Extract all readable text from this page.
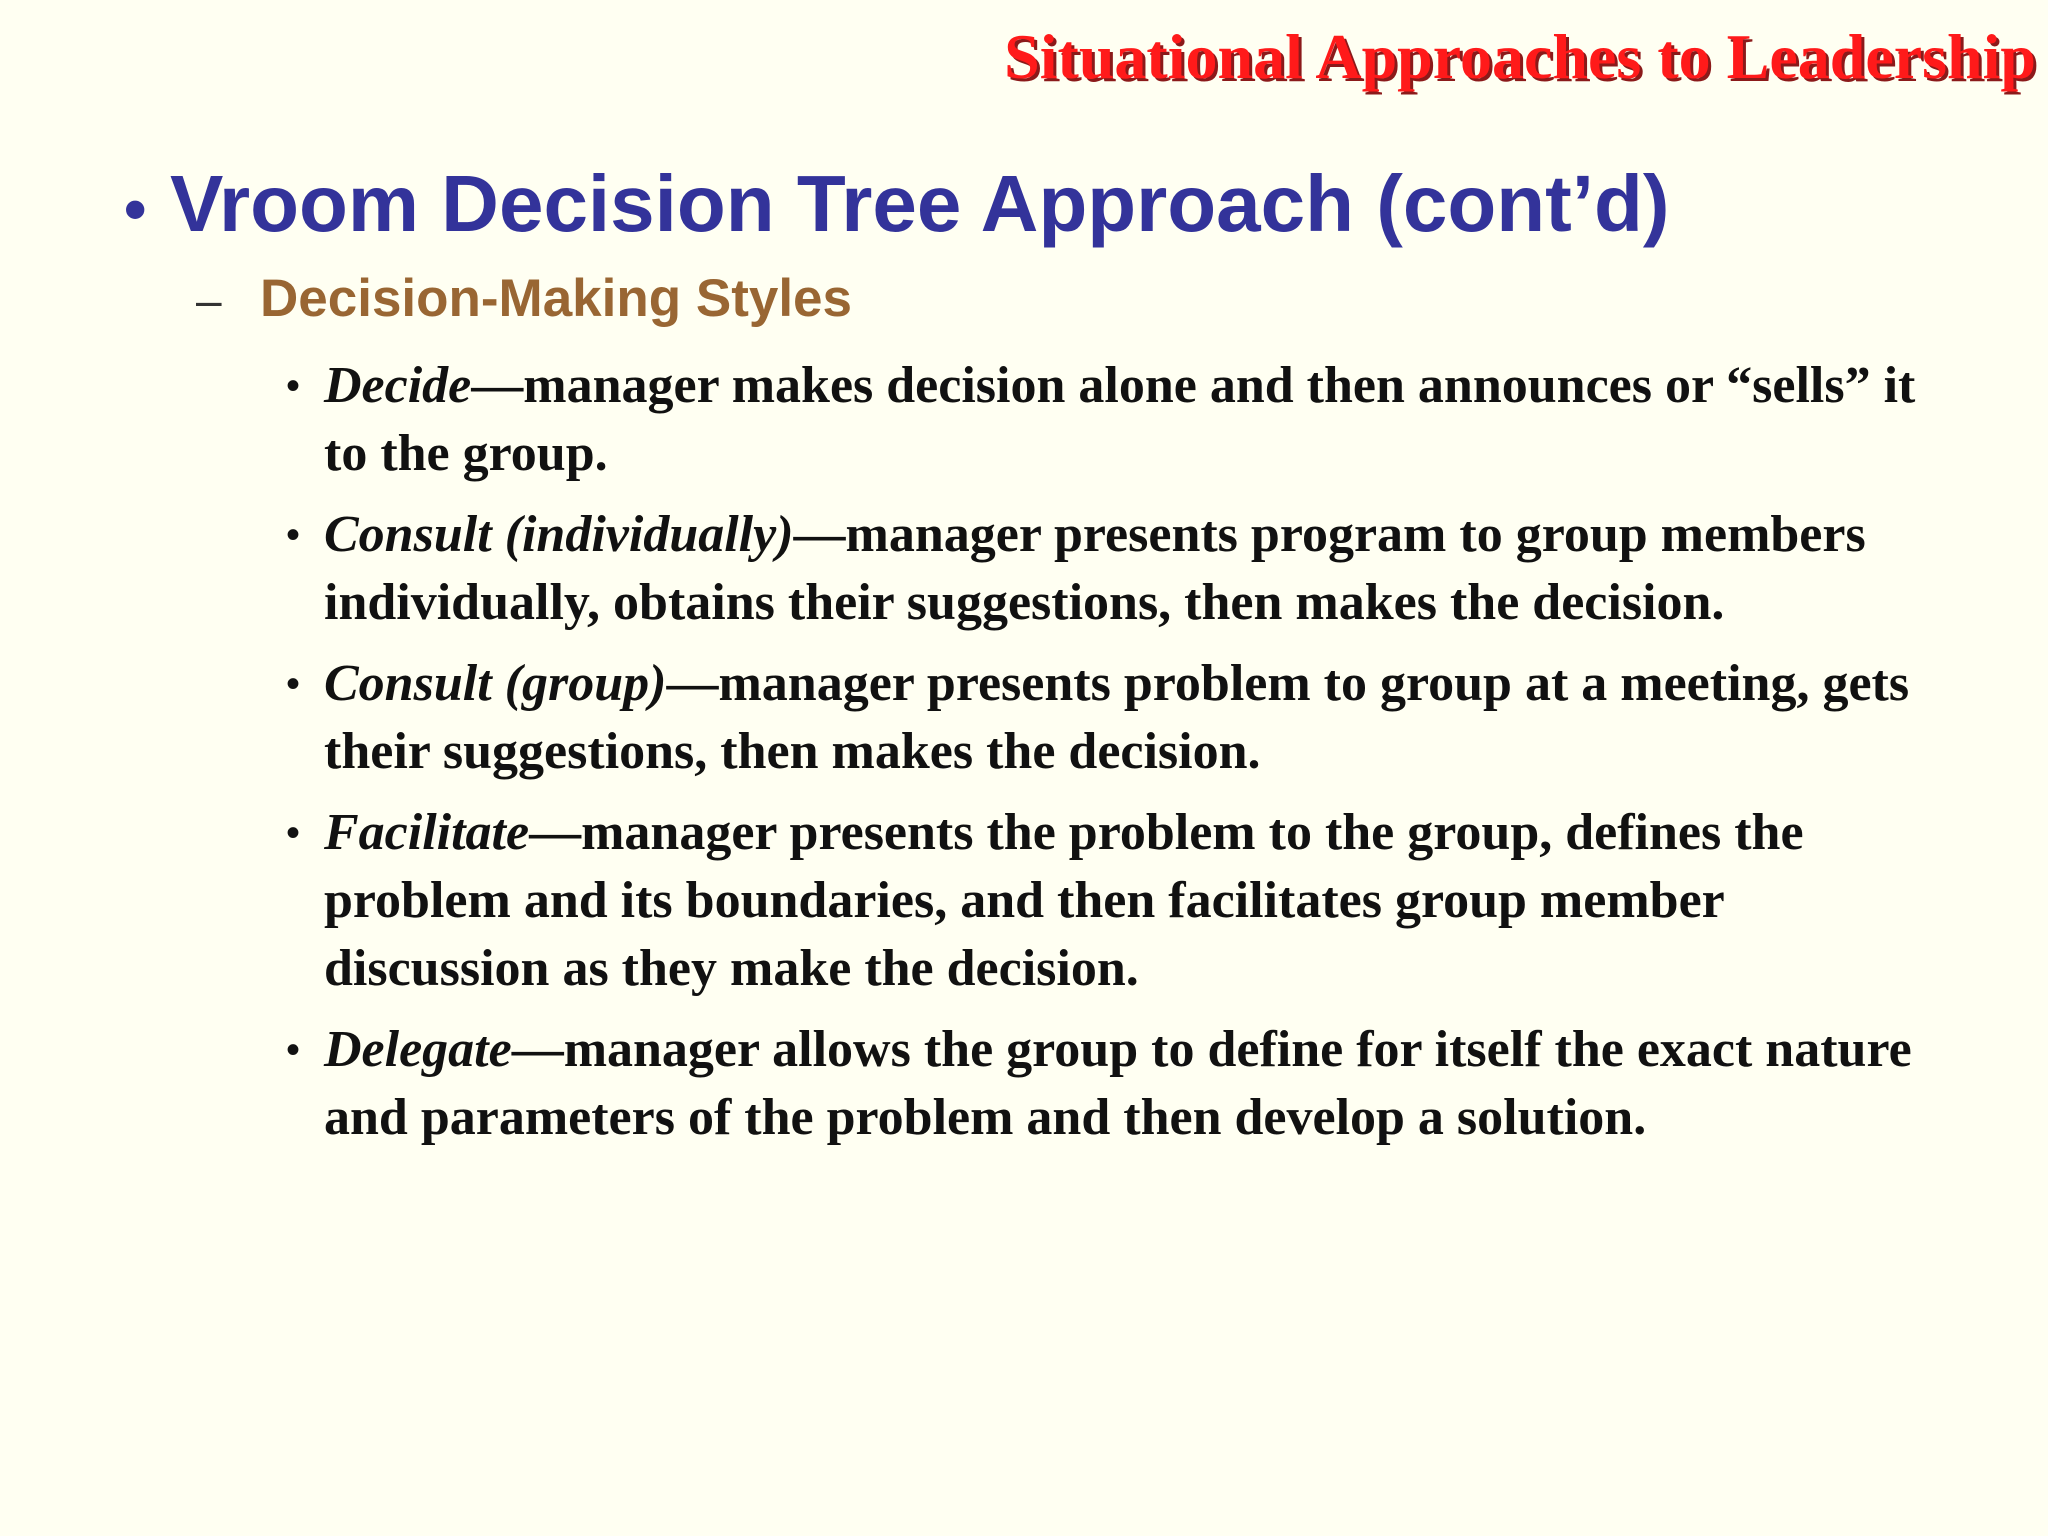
Situational Approaches to Leadership
• Vroom Decision Tree Approach (cont’d)
– Decision-Making Styles
• Decide—manager makes decision alone and then announces or “sells” it to the group.
• Consult (individually)—manager presents program to group members individually, obtains their suggestions, then makes the decision.
• Consult (group)—manager presents problem to group at a meeting, gets their suggestions, then makes the decision.
• Facilitate—manager presents the problem to the group, defines the problem and its boundaries, and then facilitates group member discussion as they make the decision.
• Delegate—manager allows the group to define for itself the exact nature and parameters of the problem and then develop a solution.
